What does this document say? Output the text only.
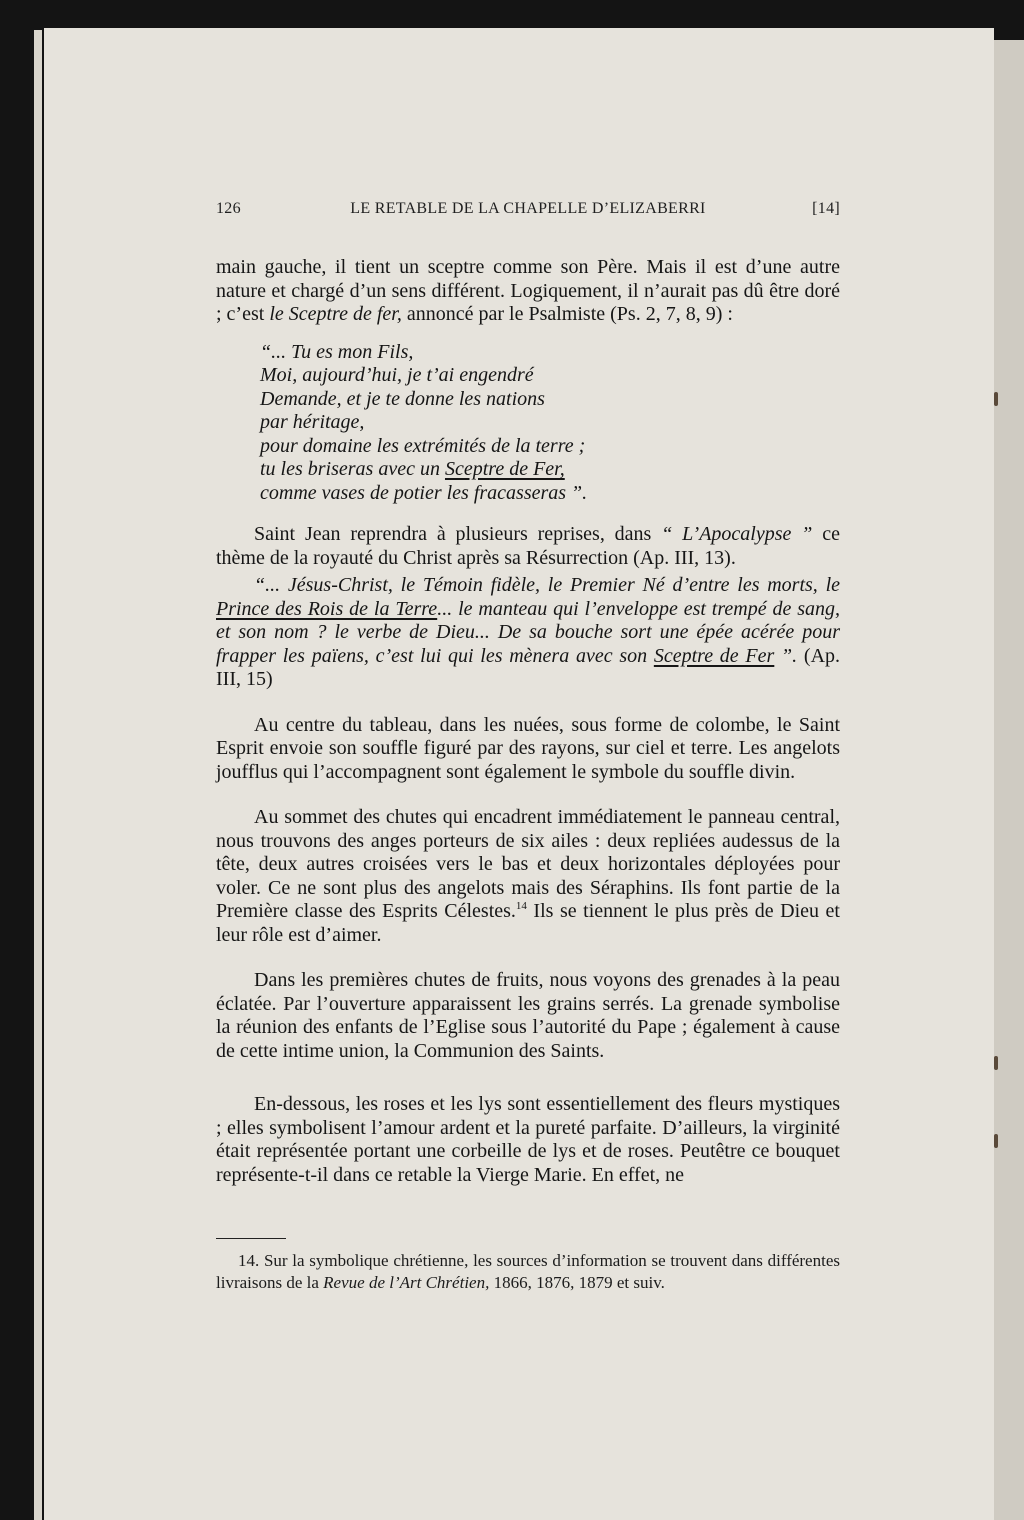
126	LE RETABLE DE LA CHAPELLE D’ELIZABERRI	[14]

main gauche, il tient un sceptre comme son Père. Mais il est d’une autre nature et chargé d’un sens différent. Logiquement, il n’aurait pas dû être doré ; c’est le Sceptre de fer, annoncé par le Psalmiste (Ps. 2, 7, 8, 9) :

“... Tu es mon Fils,
Moi, aujourd’hui, je t’ai engendré
Demande, et je te donne les nations
par héritage,
pour domaine les extrémités de la terre ;
tu les briseras avec un Sceptre de Fer,
comme vases de potier les fracasseras ”.

Saint Jean reprendra à plusieurs reprises, dans “ L’Apocalypse ” ce thème de la royauté du Christ après sa Résurrection (Ap. III, 13).

“... Jésus-Christ, le Témoin fidèle, le Premier Né d’entre les morts, le Prince des Rois de la Terre... le manteau qui l’enveloppe est trempé de sang, et son nom ? le verbe de Dieu... De sa bouche sort une épée acérée pour frapper les païens, c’est lui qui les mènera avec son Sceptre de Fer ”. (Ap. III, 15)

Au centre du tableau, dans les nuées, sous forme de colombe, le Saint Esprit envoie son souffle figuré par des rayons, sur ciel et terre. Les angelots joufflus qui l’accompagnent sont également le symbole du souffle divin.

Au sommet des chutes qui encadrent immédiatement le panneau central, nous trouvons des anges porteurs de six ailes : deux repliées audessus de la tête, deux autres croisées vers le bas et deux horizontales déployées pour voler. Ce ne sont plus des angelots mais des Séraphins. Ils font partie de la Première classe des Esprits Célestes.$^{14}$ Ils se tiennent le plus près de Dieu et leur rôle est d’aimer.

Dans les premières chutes de fruits, nous voyons des grenades à la peau éclatée. Par l’ouverture apparaissent les grains serrés. La grenade symbolise la réunion des enfants de l’Eglise sous l’autorité du Pape ; également à cause de cette intime union, la Communion des Saints.

En-dessous, les roses et les lys sont essentiellement des fleurs mystiques ; elles symbolisent l’amour ardent et la pureté parfaite. D’ailleurs, la virginité était représentée portant une corbeille de lys et de roses. Peutêtre ce bouquet représente-t-il dans ce retable la Vierge Marie. En effet, ne

14. Sur la symbolique chrétienne, les sources d’information se trouvent dans différentes livraisons de la Revue de l’Art Chrétien, 1866, 1876, 1879 et suiv.
